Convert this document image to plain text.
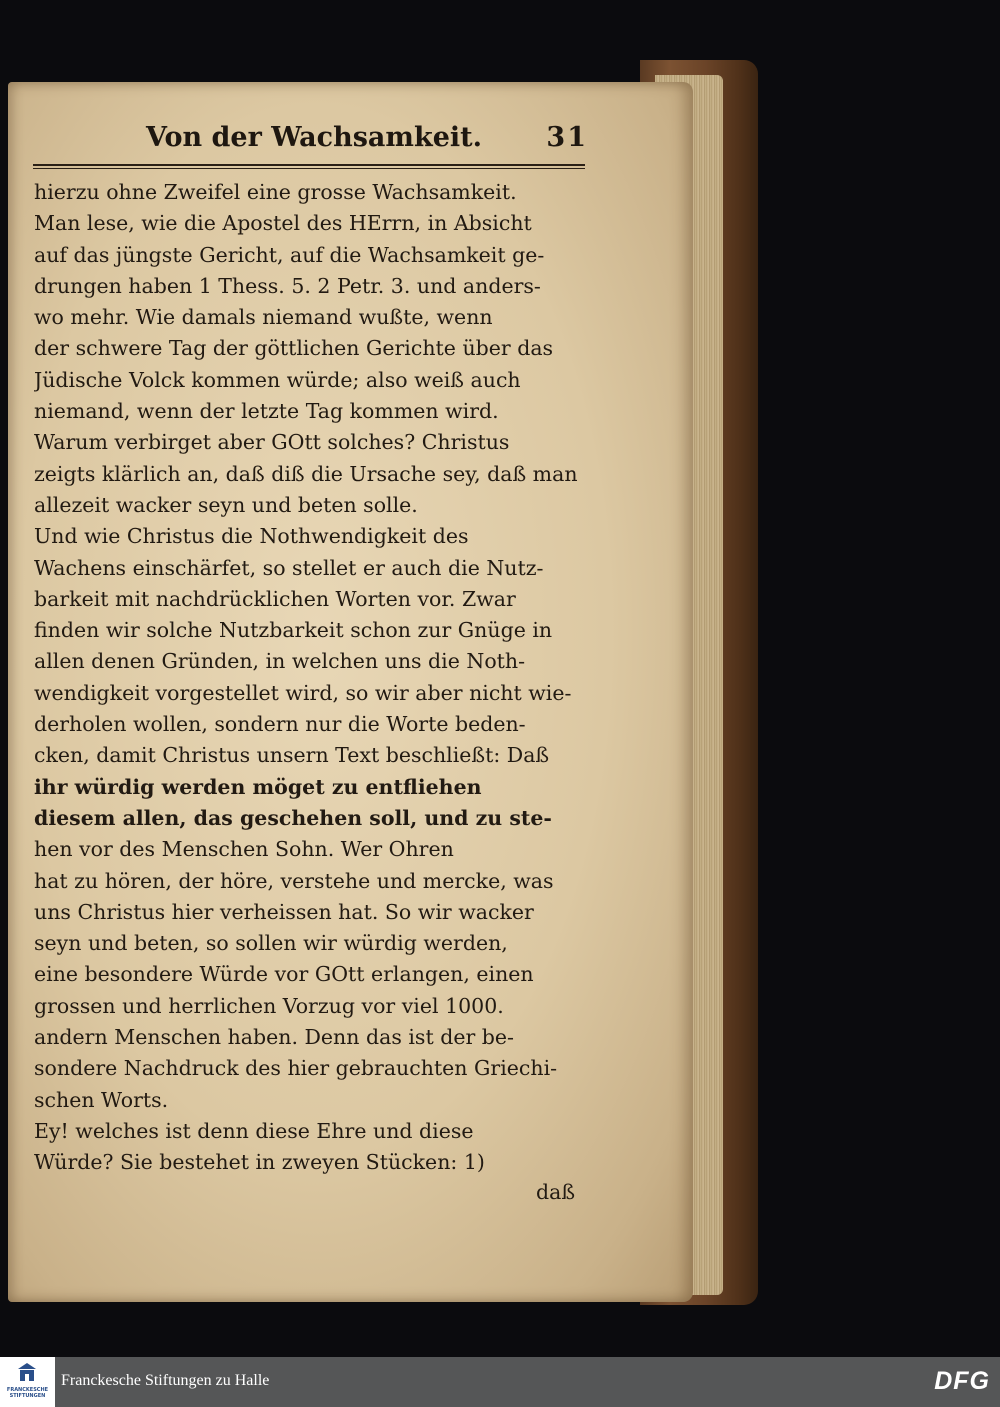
Von der Wachsamkeit. 31
hierzu ohne Zweifel eine grosse Wachsamkeit.
Man lese, wie die Apostel des HErrn, in Absicht
auf das jüngste Gericht, auf die Wachsamkeit ge-
drungen haben 1 Thess. 5. 2 Petr. 3. und anders-
wo mehr. Wie damals niemand wußte, wenn
der schwere Tag der göttlichen Gerichte über das
Jüdische Volck kommen würde; also weiß auch
niemand, wenn der letzte Tag kommen wird.
Warum verbirget aber GOtt solches? Christus
zeigts klärlich an, daß diß die Ursache sey, daß man
allezeit wacker seyn und beten solle.
Und wie Christus die Nothwendigkeit des
Wachens einschärfet, so stellet er auch die Nutz-
barkeit mit nachdrücklichen Worten vor. Zwar
finden wir solche Nutzbarkeit schon zur Gnüge in
allen denen Gründen, in welchen uns die Noth-
wendigkeit vorgestellet wird, so wir aber nicht wie-
derholen wollen, sondern nur die Worte beden-
cken, damit Christus unsern Text beschließt: Daß
ihr würdig werden möget zu entfliehen
diesem allen, das geschehen soll, und zu ste-
hen vor des Menschen Sohn. Wer Ohren
hat zu hören, der höre, verstehe und mercke, was
uns Christus hier verheissen hat. So wir wacker
seyn und beten, so sollen wir würdig werden,
eine besondere Würde vor GOtt erlangen, einen
grossen und herrlichen Vorzug vor viel 1000.
andern Menschen haben. Denn das ist der be-
sondere Nachdruck des hier gebrauchten Griechi-
schen Worts.
Ey! welches ist denn diese Ehre und diese
Würde? Sie bestehet in zweyen Stücken: 1)
daß
FRANCKESCHE STIFTUNGEN
Franckesche Stiftungen zu Halle	DFG
